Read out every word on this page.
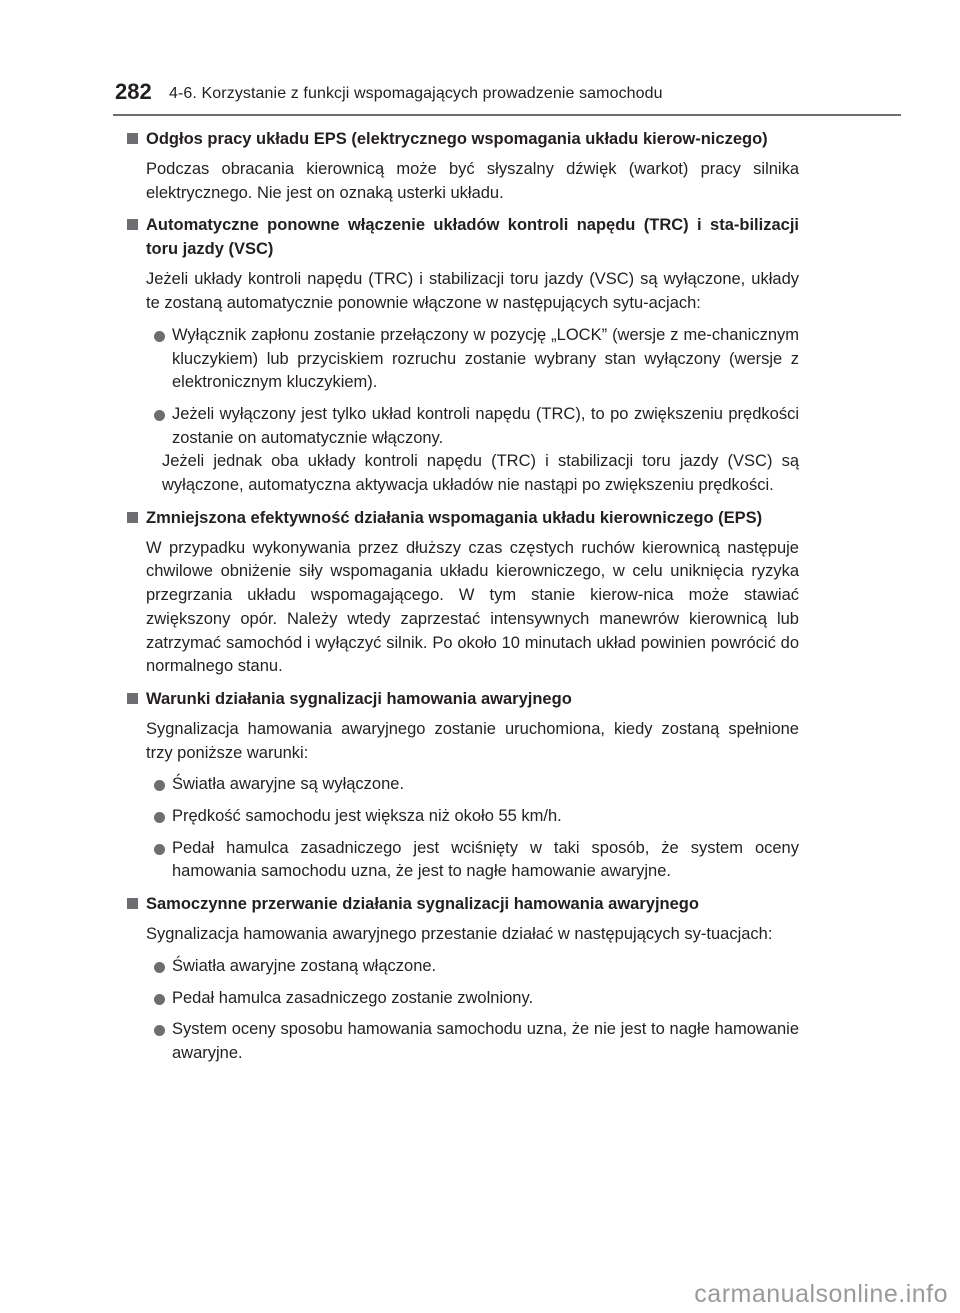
282 4-6. Korzystanie z funkcji wspomagających prowadzenie samochodu
Odgłos pracy układu EPS (elektrycznego wspomagania układu kierow-niczego)

Podczas obracania kierownicą może być słyszalny dźwięk (warkot) pracy silnika elektrycznego. Nie jest on oznaką usterki układu.

Automatyczne ponowne włączenie układów kontroli napędu (TRC) i sta-bilizacji toru jazdy (VSC)

Jeżeli układy kontroli napędu (TRC) i stabilizacji toru jazdy (VSC) są wyłączone, układy te zostaną automatycznie ponownie włączone w następujących sytu-acjach:

Wyłącznik zapłonu zostanie przełączony w pozycję „LOCK” (wersje z me-chanicznym kluczykiem) lub przyciskiem rozruchu zostanie wybrany stan wyłączony (wersje z elektronicznym kluczykiem).
Jeżeli wyłączony jest tylko układ kontroli napędu (TRC), to po zwiększeniu prędkości zostanie on automatycznie włączony.

Jeżeli jednak oba układy kontroli napędu (TRC) i stabilizacji toru jazdy (VSC) są wyłączone, automatyczna aktywacja układów nie nastąpi po zwiększeniu prędkości.

Zmniejszona efektywność działania wspomagania układu kierowniczego (EPS)

W przypadku wykonywania przez dłuższy czas częstych ruchów kierownicą następuje chwilowe obniżenie siły wspomagania układu kierowniczego, w celu uniknięcia ryzyka przegrzania układu wspomagającego. W tym stanie kierow-nica może stawiać zwiększony opór. Należy wtedy zaprzestać intensywnych manewrów kierownicą lub zatrzymać samochód i wyłączyć silnik. Po około 10 minutach układ powinien powrócić do normalnego stanu.

Warunki działania sygnalizacji hamowania awaryjnego

Sygnalizacja hamowania awaryjnego zostanie uruchomiona, kiedy zostaną spełnione trzy poniższe warunki:

Światła awaryjne są wyłączone.
Prędkość samochodu jest większa niż około 55 km/h.
Pedał hamulca zasadniczego jest wciśnięty w taki sposób, że system oceny hamowania samochodu uzna, że jest to nagłe hamowanie awaryjne.
Samoczynne przerwanie działania sygnalizacji hamowania awaryjnego

Sygnalizacja hamowania awaryjnego przestanie działać w następujących sy-tuacjach:

Światła awaryjne zostaną włączone.
Pedał hamulca zasadniczego zostanie zwolniony.
System oceny sposobu hamowania samochodu uzna, że nie jest to nagłe hamowanie awaryjne.
carmanualsonline.info
